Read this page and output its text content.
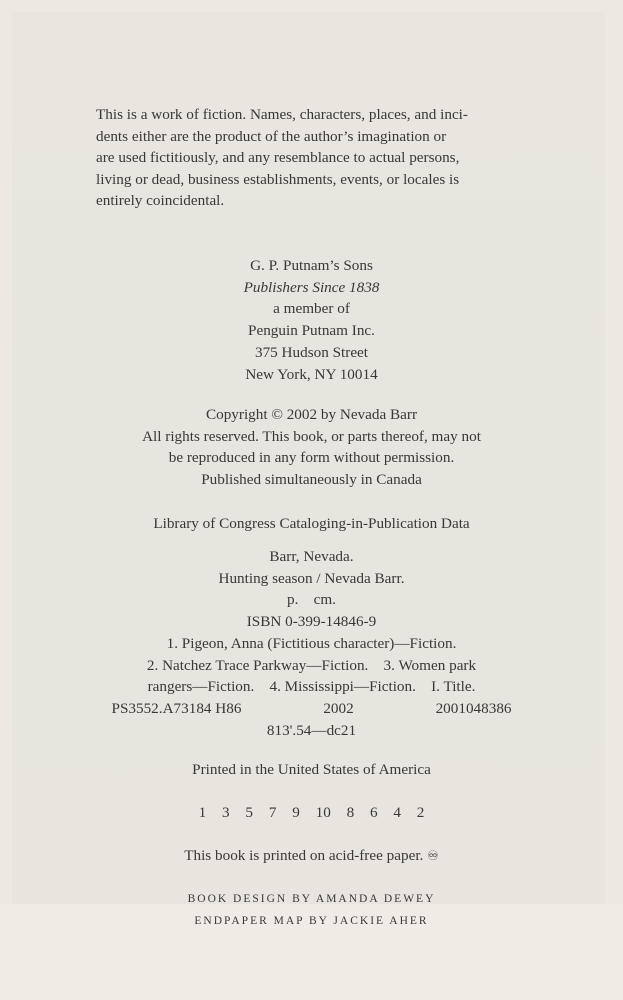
This is a work of fiction. Names, characters, places, and inci-
dents either are the product of the author’s imagination or
are used fictitiously, and any resemblance to actual persons,
living or dead, business establishments, events, or locales is
entirely coincidental.
G. P. Putnam’s Sons
Publishers Since 1838
a member of
Penguin Putnam Inc.
375 Hudson Street
New York, NY 10014
Copyright © 2002 by Nevada Barr
All rights reserved. This book, or parts thereof, may not
be reproduced in any form without permission.
Published simultaneously in Canada
Library of Congress Cataloging-in-Publication Data
Barr, Nevada.
Hunting season / Nevada Barr.
p.    cm.
ISBN 0-399-14846-9
1. Pigeon, Anna (Fictitious character)—Fiction.
2. Natchez Trace Parkway—Fiction.    3. Women park
rangers—Fiction.    4. Mississippi—Fiction.    I. Title.
PS3552.A73184 H86	2002	2001048386
813'.54—dc21
Printed in the United States of America
1 3 5 7 9 10 8 6 4 2
This book is printed on acid-free paper. ♾
BOOK DESIGN BY AMANDA DEWEY
ENDPAPER MAP BY JACKIE AHER
